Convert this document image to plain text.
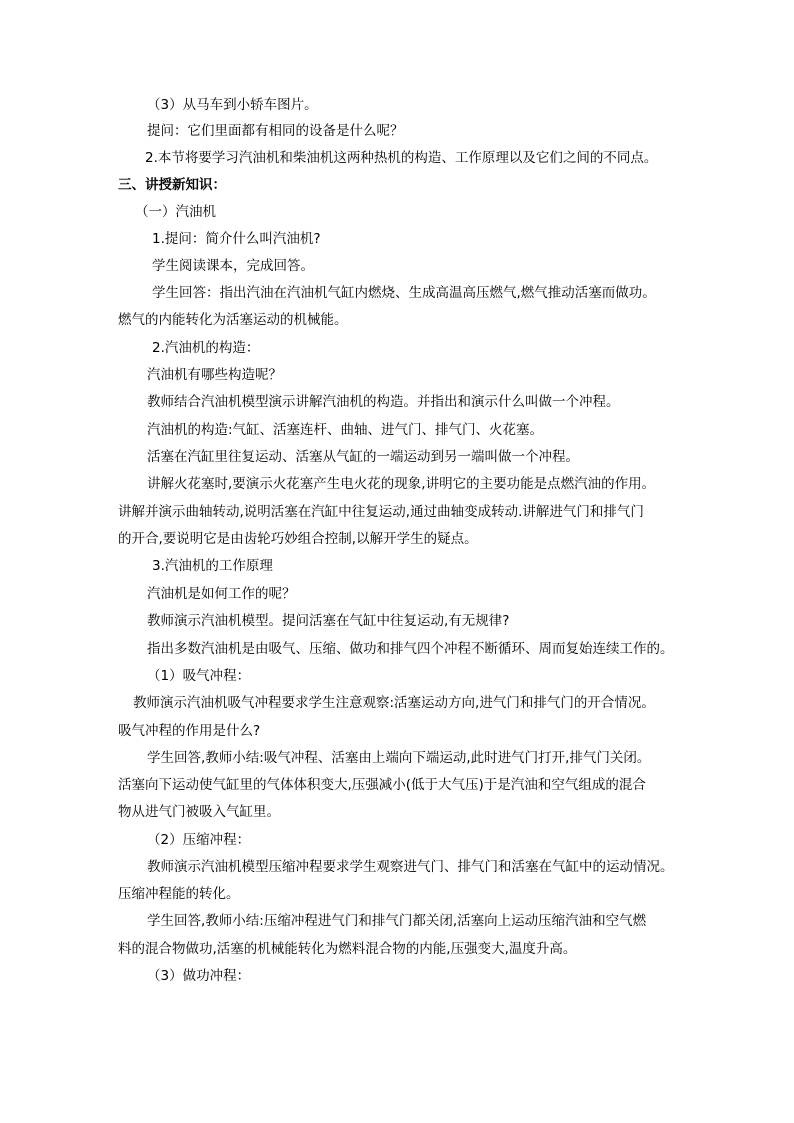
（3）从马车到小轿车图片。
提问：它们里面都有相同的设备是什么呢？
2.本节将要学习汽油机和柴油机这两种热机的构造、工作原理以及它们之间的不同点。
三、讲授新知识：
（一）汽油机
1.提问：简介什么叫汽油机?
学生阅读课本，完成回答。
学生回答：指出汽油在汽油机气缸内燃烧、生成高温高压燃气,燃气推动活塞而做功。
燃气的内能转化为活塞运动的机械能。
2.汽油机的构造：
汽油机有哪些构造呢？
教师结合汽油机模型演示讲解汽油机的构造。并指出和演示什么叫做一个冲程。
汽油机的构造:气缸、活塞连杆、曲轴、进气门、排气门、火花塞。
活塞在汽缸里往复运动、活塞从气缸的一端运动到另一端叫做一个冲程。
讲解火花塞时,要演示火花塞产生电火花的现象,讲明它的主要功能是点燃汽油的作用。
讲解并演示曲轴转动,说明活塞在汽缸中往复运动,通过曲轴变成转动.讲解进气门和排气门
的开合,要说明它是由齿轮巧妙组合控制,以解开学生的疑点。
3.汽油机的工作原理
汽油机是如何工作的呢？
教师演示汽油机模型。提问活塞在气缸中往复运动,有无规律?
指出多数汽油机是由吸气、压缩、做功和排气四个冲程不断循环、周而复始连续工作的。
（1）吸气冲程：
教师演示汽油机吸气冲程要求学生注意观察:活塞运动方向,进气门和排气门的开合情况。
吸气冲程的作用是什么?
学生回答,教师小结:吸气冲程、活塞由上端向下端运动,此时进气门打开,排气门关闭。
活塞向下运动使气缸里的气体体积变大,压强减小(低于大气压)于是汽油和空气组成的混合
物从进气门被吸入气缸里。
（2）压缩冲程：
教师演示汽油机模型压缩冲程要求学生观察进气门、排气门和活塞在气缸中的运动情况。
压缩冲程能的转化。
学生回答,教师小结:压缩冲程进气门和排气门都关闭,活塞向上运动压缩汽油和空气燃
料的混合物做功,活塞的机械能转化为燃料混合物的内能,压强变大,温度升高。
（3）做功冲程：
